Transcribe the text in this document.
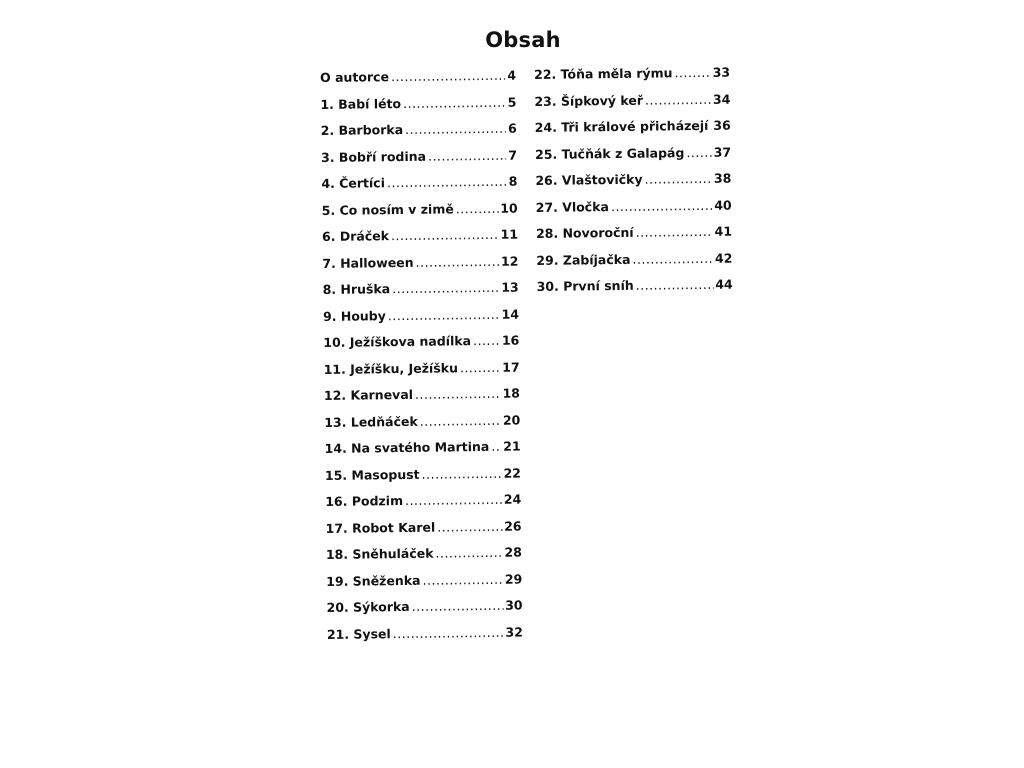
Obsah
O autorce .....	4
1. Babí léto .....	5
2. Barborka .....	6
3. Bobří rodina .....	7
4. Čertíci .....	8
5. Co nosím v zimě .....	10
6. Dráček .....	11
7. Halloween .....	12
8. Hruška .....	13
9. Houby .....	14
10. Ježíškova nadílka ..... 16
11. Ježíšku, Ježíšku .....	17
12. Karneval .....	18
13. Ledňáček .....	20
14. Na svatého Martina ..... 21
15. Masopust .....	22
16. Podzim .....	24
17. Robot Karel .....	26
18. Sněhuláček .....	28
19. Sněženka .....	29
20. Sýkorka .....	30
21. Sysel .....	32
22. Tóňa měla rýmu .....	33
23. Šípkový keř .....	34
24. Tři králové přicházejí ..... 36
25. Tučňák z Galapág ..... 37
26. Vlaštovičky .....	38
27. Vločka .....	40
28. Novoroční .....	41
29. Zabíjačka .....	42
30. První sníh .....	44
